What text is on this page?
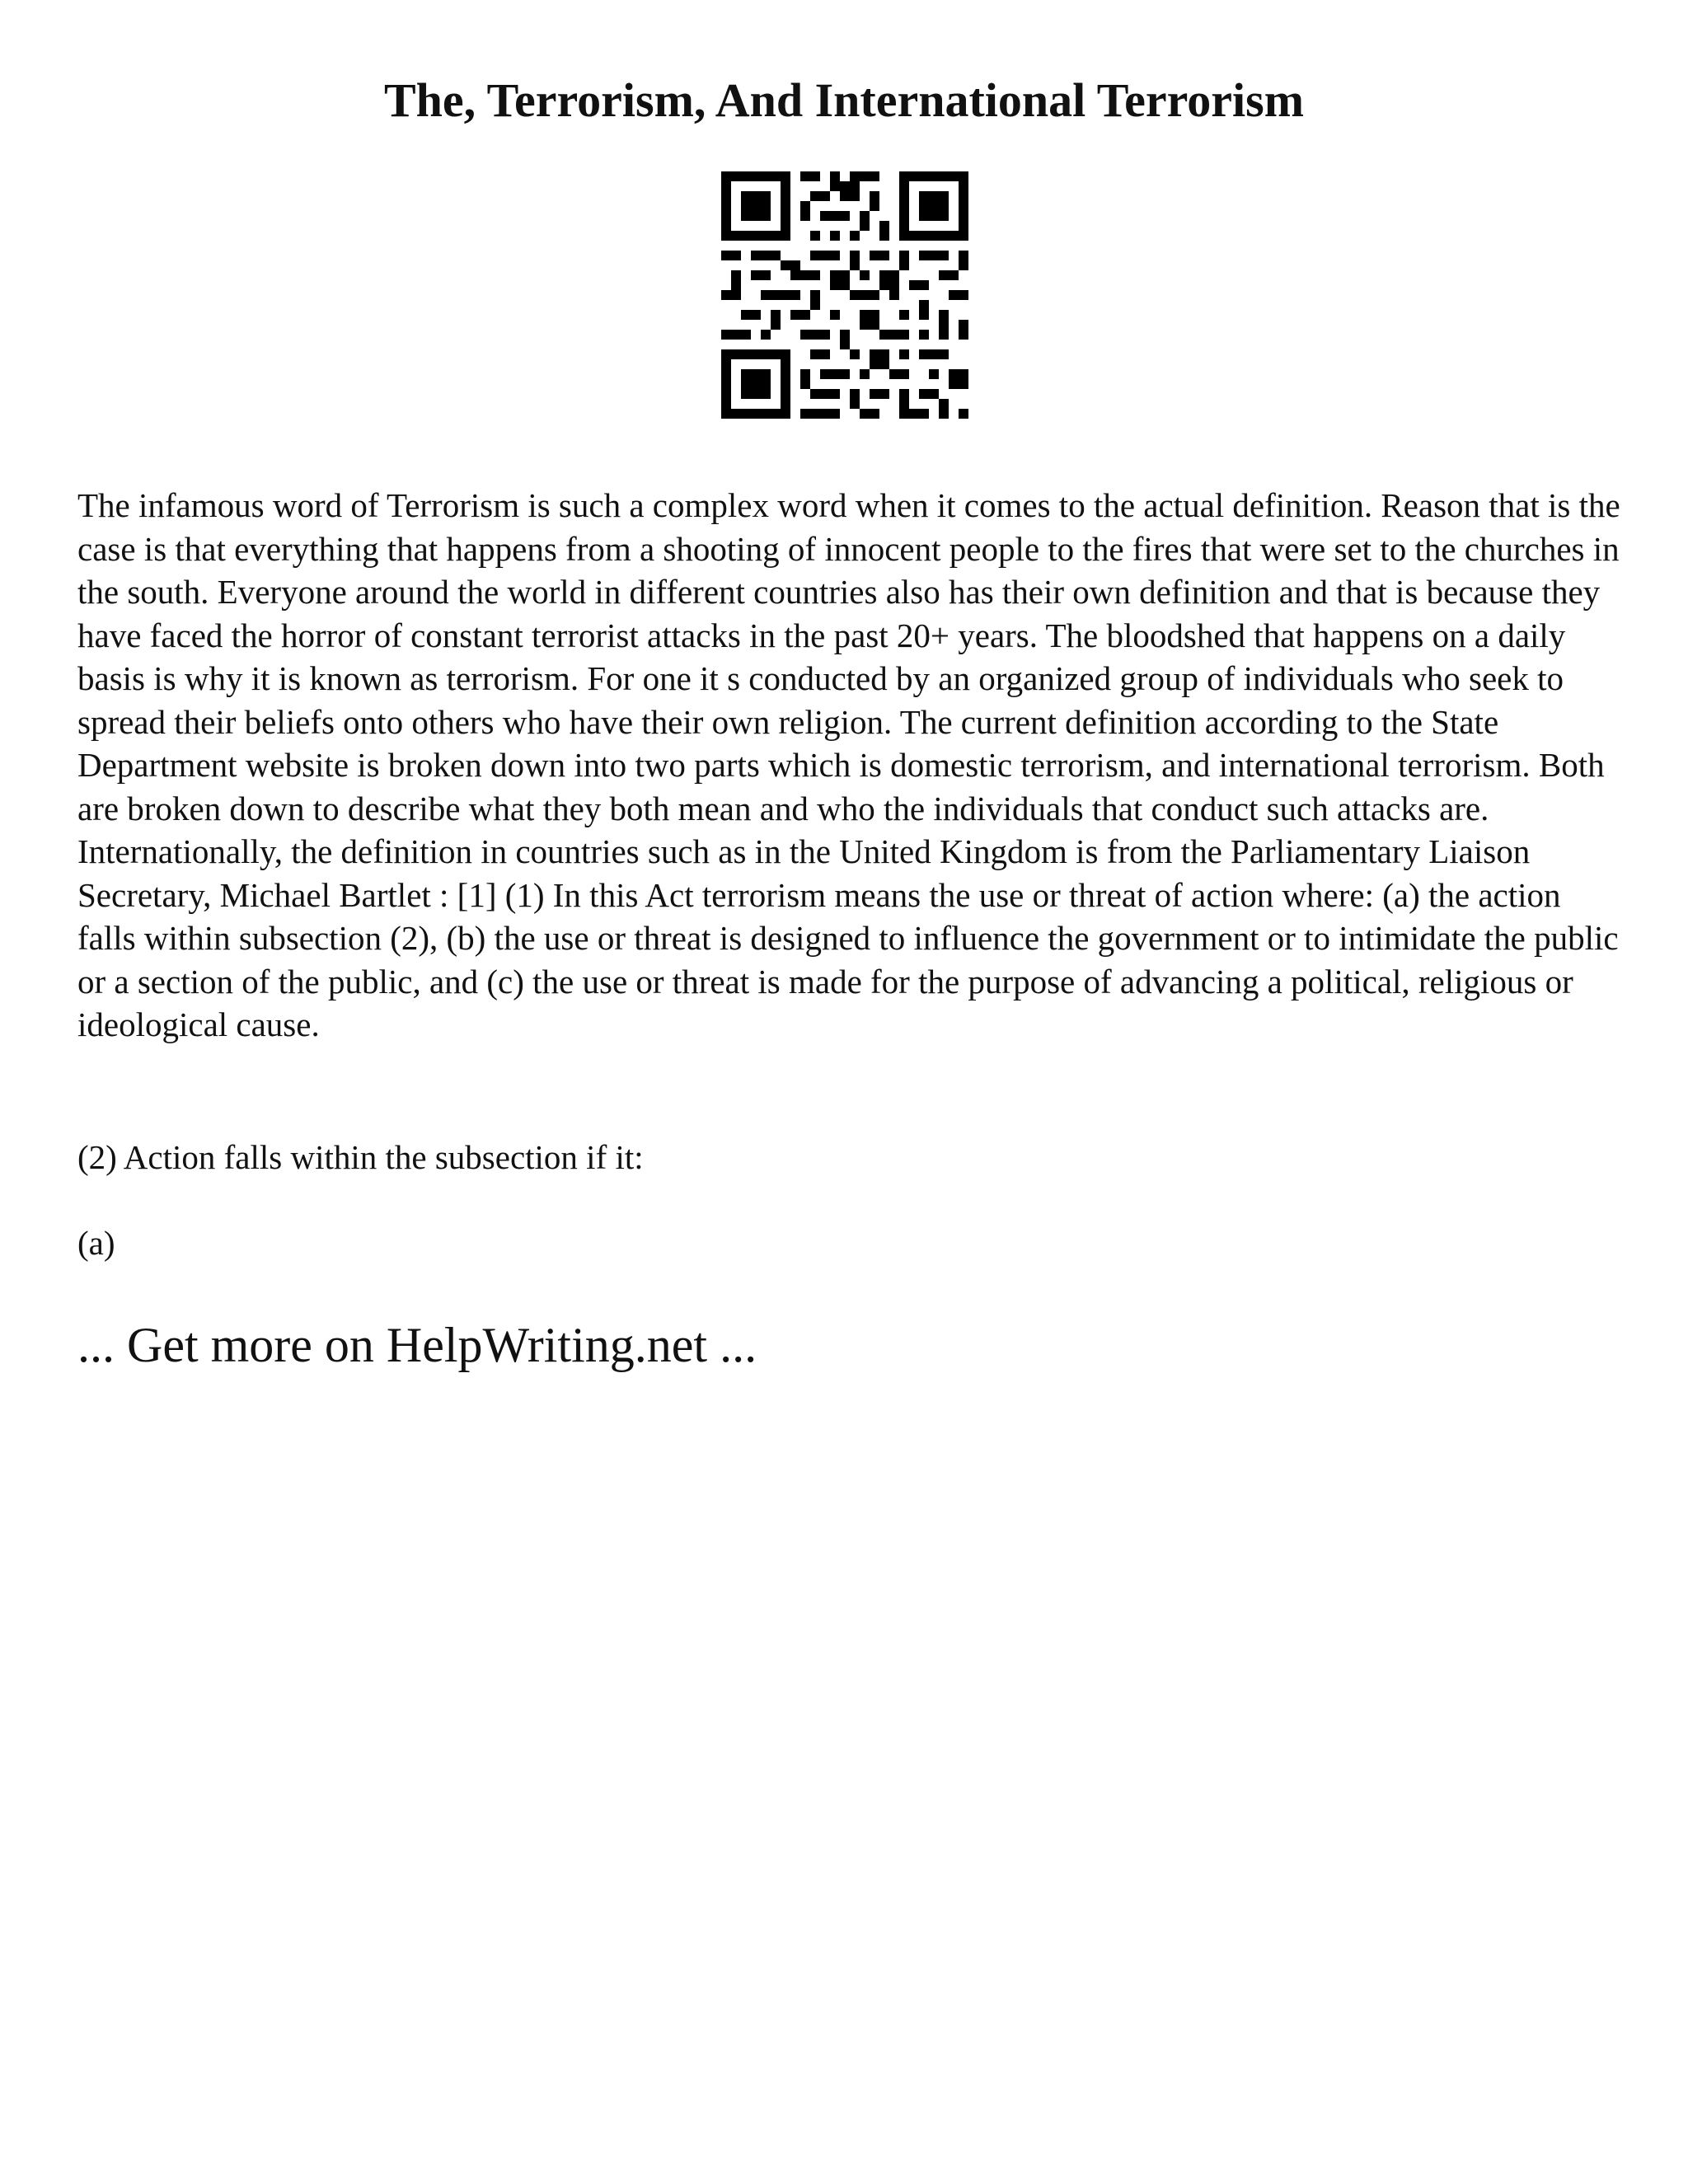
The, Terrorism, And International Terrorism

The infamous word of Terrorism is such a complex word when it comes to the actual definition. Reason that is the case is that everything that happens from a shooting of innocent people to the fires that were set to the churches in the south. Everyone around the world in different countries also has their own definition and that is because they have faced the horror of constant terrorist attacks in the past 20+ years. The bloodshed that happens on a daily basis is why it is known as terrorism. For one it s conducted by an organized group of individuals who seek to spread their beliefs onto others who have their own religion. The current definition according to the State Department website is broken down into two parts which is domestic terrorism, and international terrorism. Both are broken down to describe what they both mean and who the individuals that conduct such attacks are. Internationally, the definition in countries such as in the United Kingdom is from the Parliamentary Liaison Secretary, Michael Bartlet : [1] (1) In this Act terrorism means the use or threat of action where: (a) the action falls within subsection (2), (b) the use or threat is designed to influence the government or to intimidate the public or a section of the public, and (c) the use or threat is made for the purpose of advancing a political, religious or ideological cause.

(2) Action falls within the subsection if it:

(a)

... Get more on HelpWriting.net ...
